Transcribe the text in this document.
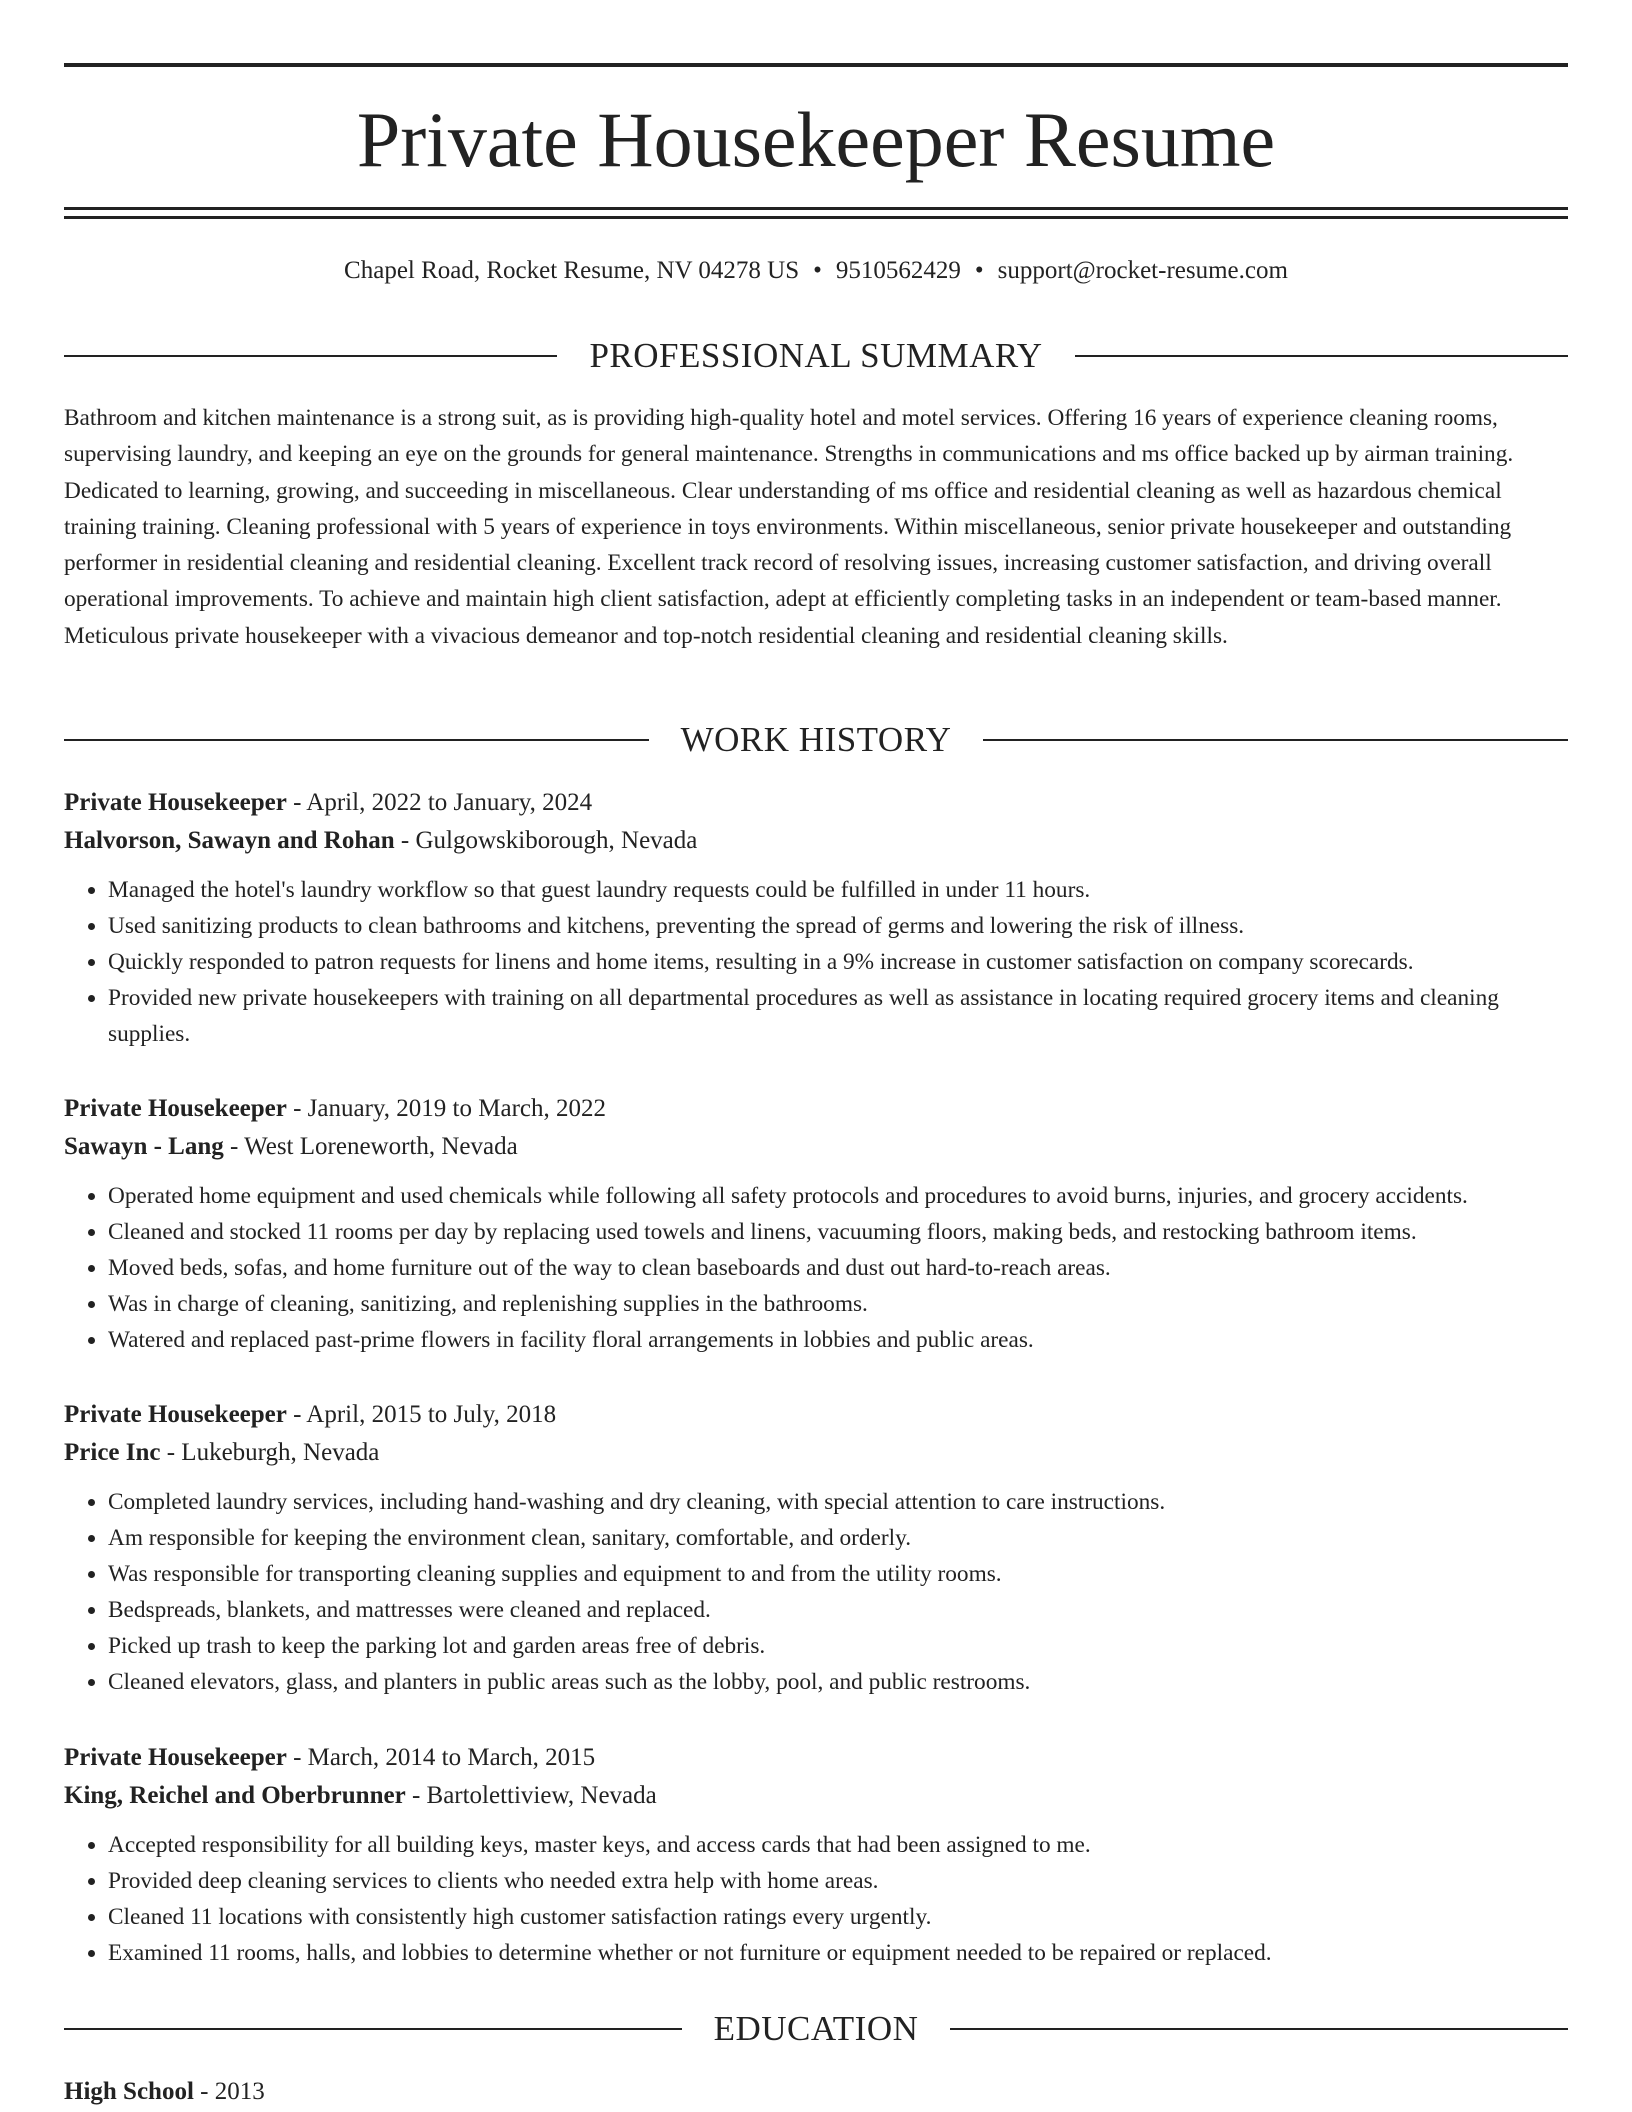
Private Housekeeper Resume
Chapel Road, Rocket Resume, NV 04278 US • 9510562429 • support@rocket-resume.com
PROFESSIONAL SUMMARY

Bathroom and kitchen maintenance is a strong suit, as is providing high-quality hotel and motel services. Offering 16 years of experience cleaning rooms, supervising laundry, and keeping an eye on the grounds for general maintenance. Strengths in communications and ms office backed up by airman training. Dedicated to learning, growing, and succeeding in miscellaneous. Clear understanding of ms office and residential cleaning as well as hazardous chemical training training. Cleaning professional with 5 years of experience in toys environments. Within miscellaneous, senior private housekeeper and outstanding performer in residential cleaning and residential cleaning. Excellent track record of resolving issues, increasing customer satisfaction, and driving overall operational improvements. To achieve and maintain high client satisfaction, adept at efficiently completing tasks in an independent or team-based manner. Meticulous private housekeeper with a vivacious demeanor and top-notch residential cleaning and residential cleaning skills.

WORK HISTORY
Private Housekeeper - April, 2022 to January, 2024
Halvorson, Sawayn and Rohan - Gulgowskiborough, Nevada
• Managed the hotel's laundry workflow so that guest laundry requests could be fulfilled in under 11 hours.
• Used sanitizing products to clean bathrooms and kitchens, preventing the spread of germs and lowering the risk of illness.
• Quickly responded to patron requests for linens and home items, resulting in a 9% increase in customer satisfaction on company scorecards.
• Provided new private housekeepers with training on all departmental procedures as well as assistance in locating required grocery items and cleaning supplies.
Private Housekeeper - January, 2019 to March, 2022
Sawayn - Lang - West Loreneworth, Nevada
• Operated home equipment and used chemicals while following all safety protocols and procedures to avoid burns, injuries, and grocery accidents.
• Cleaned and stocked 11 rooms per day by replacing used towels and linens, vacuuming floors, making beds, and restocking bathroom items.
• Moved beds, sofas, and home furniture out of the way to clean baseboards and dust out hard-to-reach areas.
• Was in charge of cleaning, sanitizing, and replenishing supplies in the bathrooms.
• Watered and replaced past-prime flowers in facility floral arrangements in lobbies and public areas.
Private Housekeeper - April, 2015 to July, 2018
Price Inc - Lukeburgh, Nevada
• Completed laundry services, including hand-washing and dry cleaning, with special attention to care instructions.
• Am responsible for keeping the environment clean, sanitary, comfortable, and orderly.
• Was responsible for transporting cleaning supplies and equipment to and from the utility rooms.
• Bedspreads, blankets, and mattresses were cleaned and replaced.
• Picked up trash to keep the parking lot and garden areas free of debris.
• Cleaned elevators, glass, and planters in public areas such as the lobby, pool, and public restrooms.
Private Housekeeper - March, 2014 to March, 2015
King, Reichel and Oberbrunner - Bartolettiview, Nevada
• Accepted responsibility for all building keys, master keys, and access cards that had been assigned to me.
• Provided deep cleaning services to clients who needed extra help with home areas.
• Cleaned 11 locations with consistently high customer satisfaction ratings every urgently.
• Examined 11 rooms, halls, and lobbies to determine whether or not furniture or equipment needed to be repaired or replaced.
EDUCATION
High School - 2013
